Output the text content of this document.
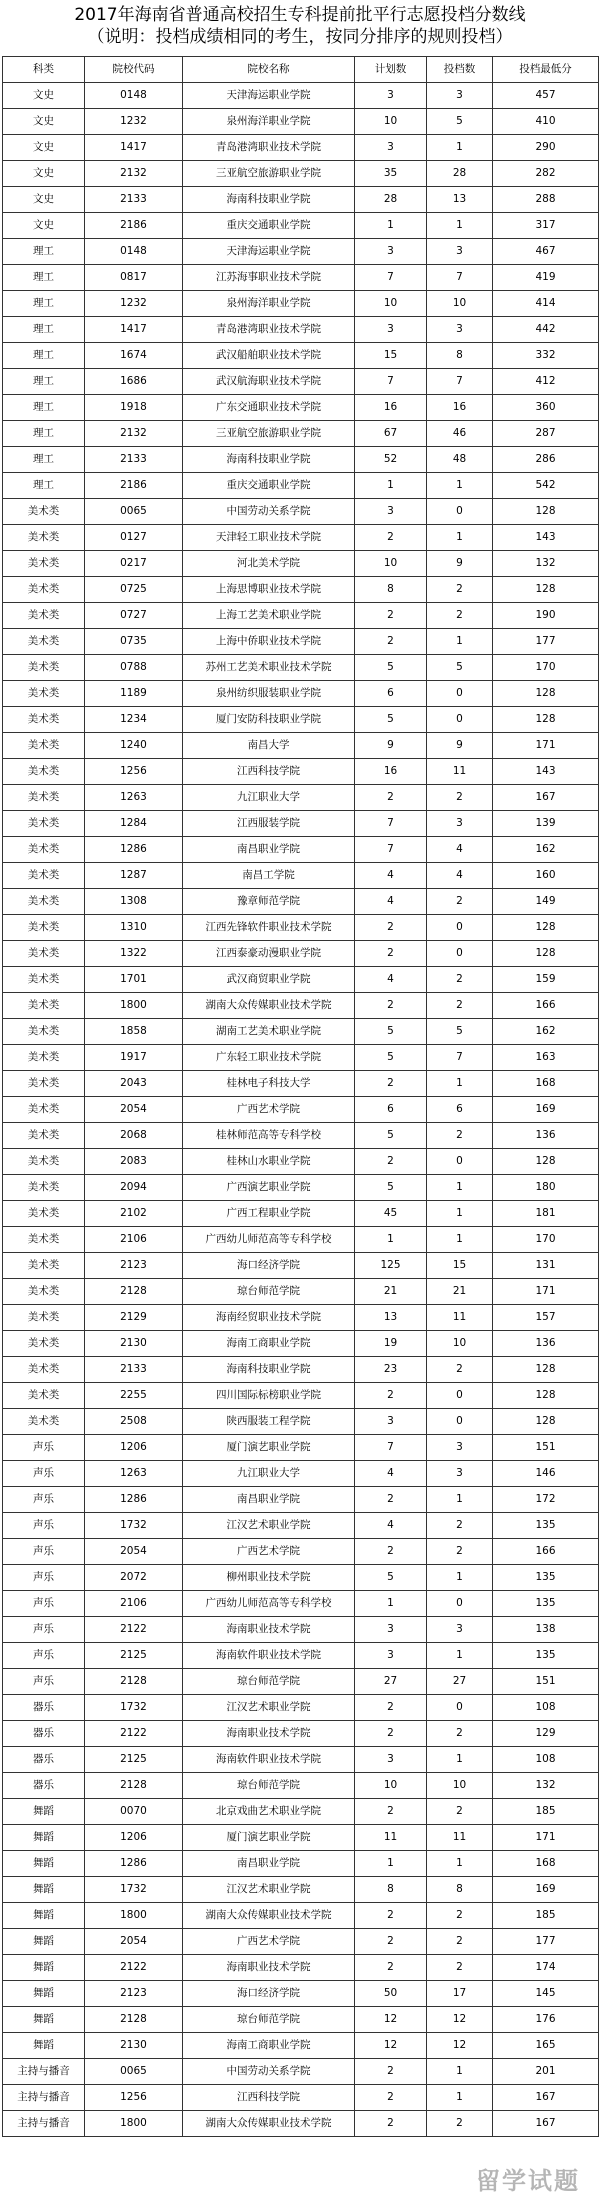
2017年海南省普通高校招生专科提前批平行志愿投档分数线
（说明：投档成绩相同的考生，按同分排序的规则投档）
科类	院校代码	院校名称	计划数	投档数	投档最低分
文史	0148	天津海运职业学院	3	3	457
文史	1232	泉州海洋职业学院	10	5	410
文史	1417	青岛港湾职业技术学院	3	1	290
文史	2132	三亚航空旅游职业学院	35	28	282
文史	2133	海南科技职业学院	28	13	288
文史	2186	重庆交通职业学院	1	1	317
理工	0148	天津海运职业学院	3	3	467
理工	0817	江苏海事职业技术学院	7	7	419
理工	1232	泉州海洋职业学院	10	10	414
理工	1417	青岛港湾职业技术学院	3	3	442
理工	1674	武汉船舶职业技术学院	15	8	332
理工	1686	武汉航海职业技术学院	7	7	412
理工	1918	广东交通职业技术学院	16	16	360
理工	2132	三亚航空旅游职业学院	67	46	287
理工	2133	海南科技职业学院	52	48	286
理工	2186	重庆交通职业学院	1	1	542
美术类	0065	中国劳动关系学院	3	0	128
美术类	0127	天津轻工职业技术学院	2	1	143
美术类	0217	河北美术学院	10	9	132
美术类	0725	上海思博职业技术学院	8	2	128
美术类	0727	上海工艺美术职业学院	2	2	190
美术类	0735	上海中侨职业技术学院	2	1	177
美术类	0788	苏州工艺美术职业技术学院	5	5	170
美术类	1189	泉州纺织服装职业学院	6	0	128
美术类	1234	厦门安防科技职业学院	5	0	128
美术类	1240	南昌大学	9	9	171
美术类	1256	江西科技学院	16	11	143
美术类	1263	九江职业大学	2	2	167
美术类	1284	江西服装学院	7	3	139
美术类	1286	南昌职业学院	7	4	162
美术类	1287	南昌工学院	4	4	160
美术类	1308	豫章师范学院	4	2	149
美术类	1310	江西先锋软件职业技术学院	2	0	128
美术类	1322	江西泰豪动漫职业学院	2	0	128
美术类	1701	武汉商贸职业学院	4	2	159
美术类	1800	湖南大众传媒职业技术学院	2	2	166
美术类	1858	湖南工艺美术职业学院	5	5	162
美术类	1917	广东轻工职业技术学院	5	7	163
美术类	2043	桂林电子科技大学	2	1	168
美术类	2054	广西艺术学院	6	6	169
美术类	2068	桂林师范高等专科学校	5	2	136
美术类	2083	桂林山水职业学院	2	0	128
美术类	2094	广西演艺职业学院	5	1	180
美术类	2102	广西工程职业学院	45	1	181
美术类	2106	广西幼儿师范高等专科学校	1	1	170
美术类	2123	海口经济学院	125	15	131
美术类	2128	琼台师范学院	21	21	171
美术类	2129	海南经贸职业技术学院	13	11	157
美术类	2130	海南工商职业学院	19	10	136
美术类	2133	海南科技职业学院	23	2	128
美术类	2255	四川国际标榜职业学院	2	0	128
美术类	2508	陕西服装工程学院	3	0	128
声乐	1206	厦门演艺职业学院	7	3	151
声乐	1263	九江职业大学	4	3	146
声乐	1286	南昌职业学院	2	1	172
声乐	1732	江汉艺术职业学院	4	2	135
声乐	2054	广西艺术学院	2	2	166
声乐	2072	柳州职业技术学院	5	1	135
声乐	2106	广西幼儿师范高等专科学校	1	0	135
声乐	2122	海南职业技术学院	3	3	138
声乐	2125	海南软件职业技术学院	3	1	135
声乐	2128	琼台师范学院	27	27	151
器乐	1732	江汉艺术职业学院	2	0	108
器乐	2122	海南职业技术学院	2	2	129
器乐	2125	海南软件职业技术学院	3	1	108
器乐	2128	琼台师范学院	10	10	132
舞蹈	0070	北京戏曲艺术职业学院	2	2	185
舞蹈	1206	厦门演艺职业学院	11	11	171
舞蹈	1286	南昌职业学院	1	1	168
舞蹈	1732	江汉艺术职业学院	8	8	169
舞蹈	1800	湖南大众传媒职业技术学院	2	2	185
舞蹈	2054	广西艺术学院	2	2	177
舞蹈	2122	海南职业技术学院	2	2	174
舞蹈	2123	海口经济学院	50	17	145
舞蹈	2128	琼台师范学院	12	12	176
舞蹈	2130	海南工商职业学院	12	12	165
主持与播音	0065	中国劳动关系学院	2	1	201
主持与播音	1256	江西科技学院	2	1	167
主持与播音	1800	湖南大众传媒职业技术学院	2	2	167
留学试题
